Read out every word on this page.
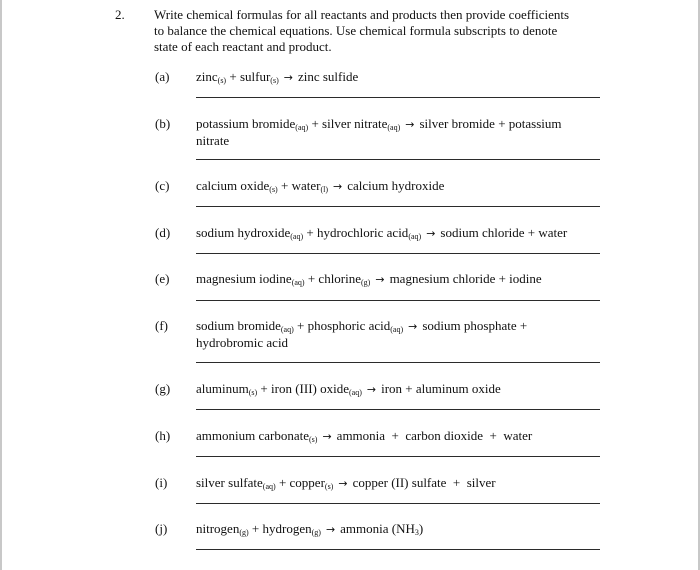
2. Write chemical formulas for all reactants and products then provide coefficients
to balance the chemical equations. Use chemical formula subscripts to denote
state of each reactant and product.
(a) zinc$_{(s)}$ + sulfur$_{(s)}$ → zinc sulfide
(b) potassium bromide$_{(aq)}$ + silver nitrate$_{(aq)}$ → silver bromide + potassium
nitrate
(c) calcium oxide$_{(s)}$ + water$_{(l)}$ → calcium hydroxide
(d) sodium hydroxide$_{(aq)}$ + hydrochloric acid$_{(aq)}$ → sodium chloride + water
(e) magnesium iodine$_{(aq)}$ + chlorine$_{(g)}$ → magnesium chloride + iodine
(f) sodium bromide$_{(aq)}$ + phosphoric acid$_{(aq)}$ → sodium phosphate +
hydrobromic acid
(g) aluminum$_{(s)}$ + iron (III) oxide$_{(aq)}$ → iron + aluminum oxide
(h) ammonium carbonate$_{(s)}$ → ammonia  +  carbon dioxide  +  water
(i) silver sulfate$_{(aq)}$ + copper$_{(s)}$ → copper (II) sulfate  +  silver
(j) nitrogen$_{(g)}$ + hydrogen$_{(g)}$ → ammonia $(NH_3)$
